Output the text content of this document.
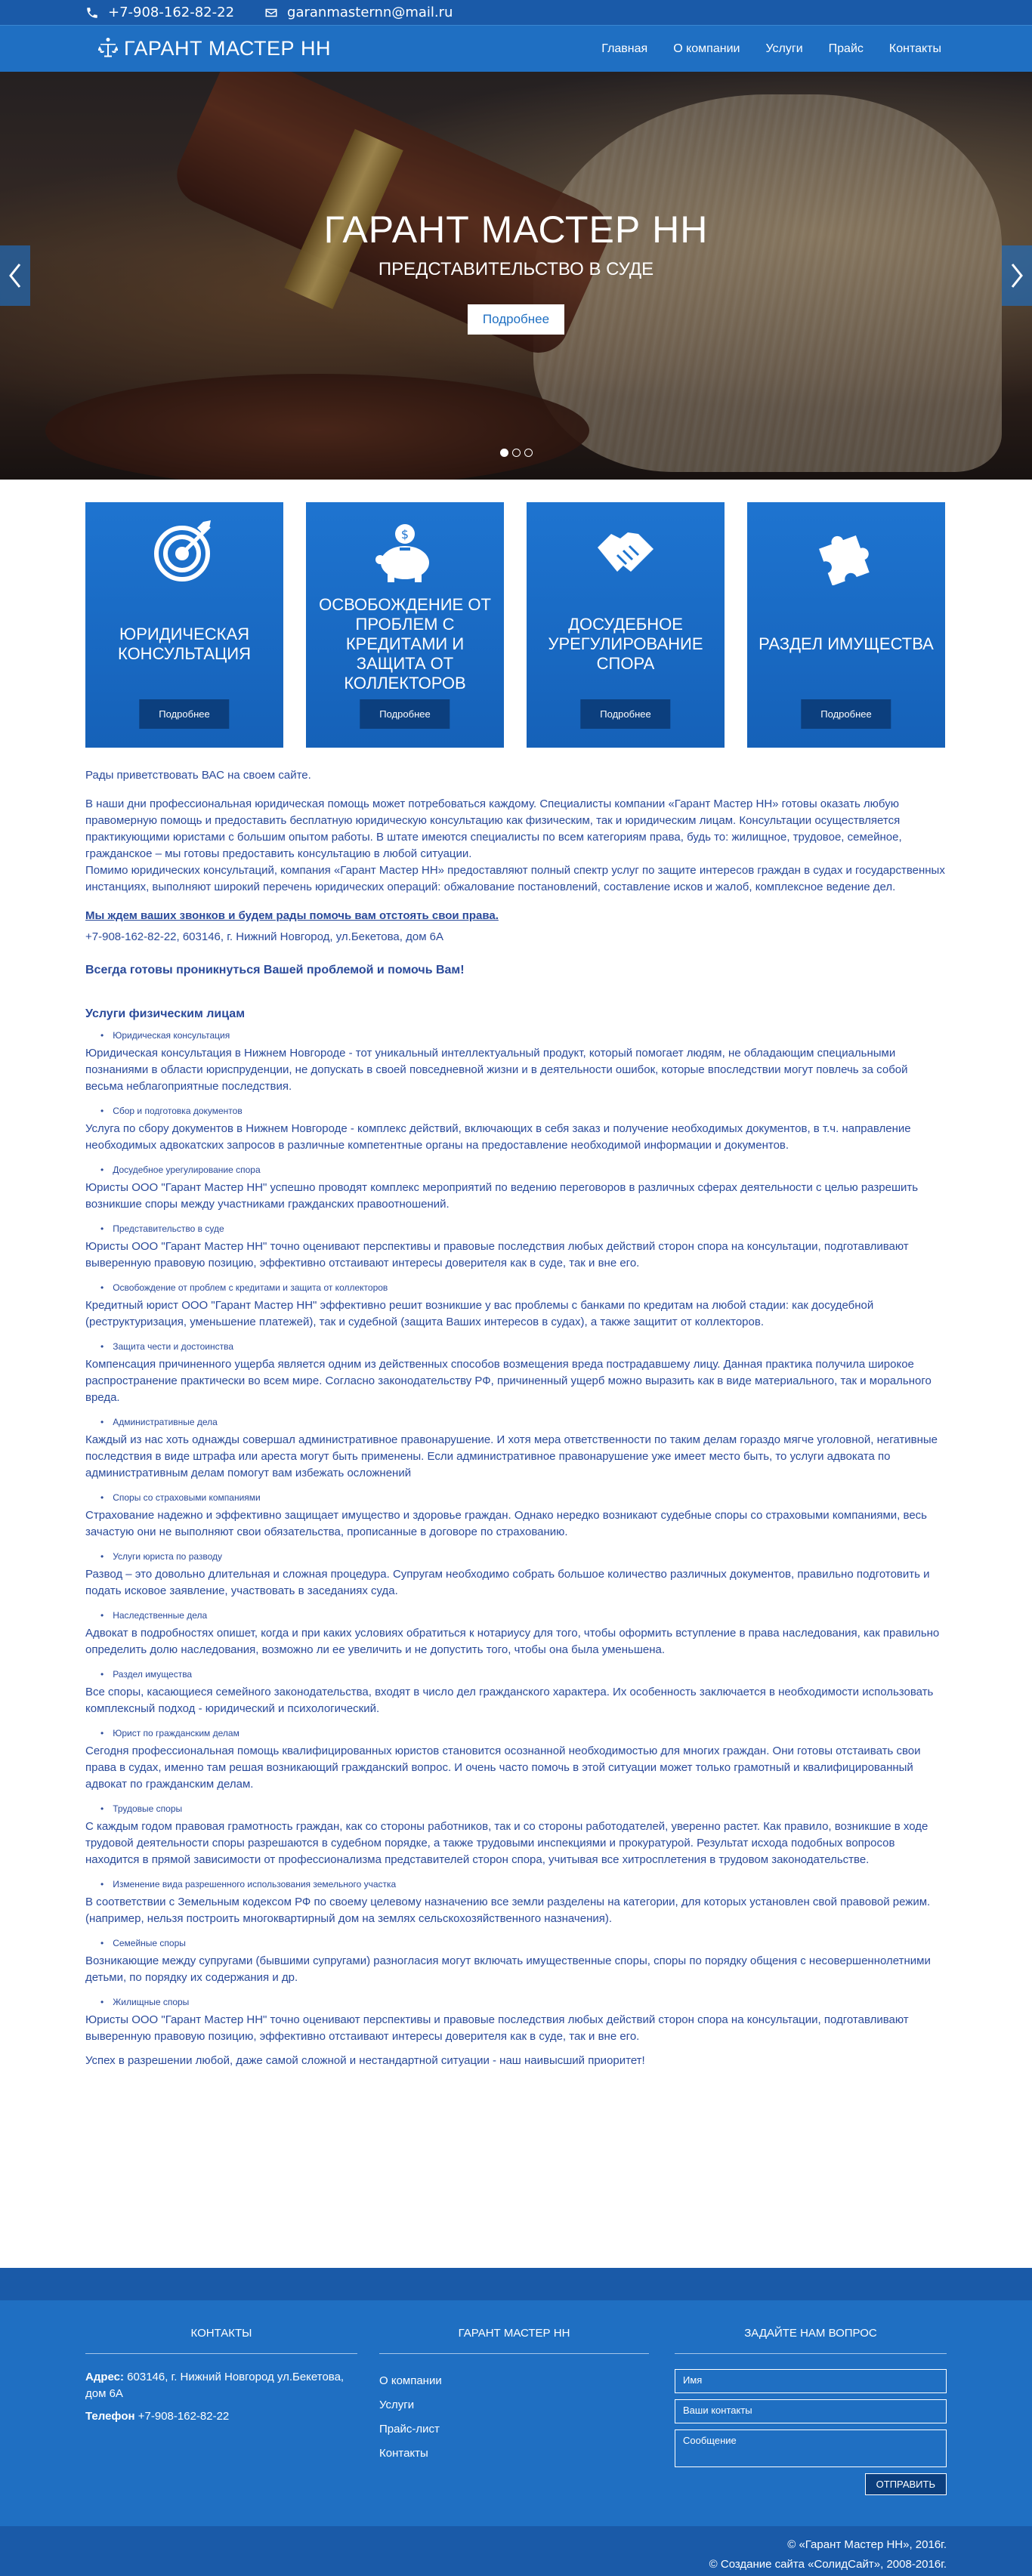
+7-908-162-82-22	garanmasternn@mail.ru
ГАРАНТ МАСТЕР НН	Главная О компании Услуги Прайс Контакты
ГАРАНТ МАСТЕР НН
ПРЕДСТАВИТЕЛЬСТВО В СУДЕ
Подробнее
ЮРИДИЧЕСКАЯ КОНСУЛЬТАЦИЯ
Подробнее
$
ОСВОБОЖДЕНИЕ ОТ ПРОБЛЕМ С КРЕДИТАМИ И ЗАЩИТА ОТ КОЛЛЕКТОРОВ
Подробнее
ДОСУДЕБНОЕ УРЕГУЛИРОВАНИЕ СПОРА
Подробнее
РАЗДЕЛ ИМУЩЕСТВА
Подробнее

Рады приветствовать ВАС на своем сайте.

В наши дни профессиональная юридическая помощь может потребоваться каждому. Специалисты компании «Гарант Мастер НН» готовы оказать любую правомерную помощь и предоставить бесплатную юридическую консультацию как физическим, так и юридическим лицам. Консультации осуществляется практикующими юристами с большим опытом работы. В штате имеются специалисты по всем категориям права, будь то: жилищное, трудовое, семейное, гражданское – мы готовы предоставить консультацию в любой ситуации.

Помимо юридических консультаций, компания «Гарант Мастер НН» предоставляют полный спектр услуг по защите интересов граждан в судах и государственных инстанциях, выполняют широкий перечень юридических операций: обжалование постановлений, составление исков и жалоб, комплексное ведение дел.

Мы ждем ваших звонков и будем рады помочь вам отстоять свои права.

+7-908-162-82-22, 603146, г. Нижний Новгород, ул.Бекетова, дом 6А

Всегда готовы проникнуться Вашей проблемой и помочь Вам!

Услуги физическим лицам
• Юридическая консультация
Юридическая консультация в Нижнем Новгороде - тот уникальный интеллектуальный продукт, который помогает людям, не обладающим специальными познаниями в области юриспруденции, не допускать в своей повседневной жизни и в деятельности ошибок, которые впоследствии могут повлечь за собой весьма неблагоприятные последствия.
• Сбор и подготовка документов
Услуга по сбору документов в Нижнем Новгороде - комплекс действий, включающих в себя заказ и получение необходимых документов, в т.ч. направление необходимых адвокатских запросов в различные компетентные органы на предоставление необходимой информации и документов.
• Досудебное урегулирование спора
Юристы ООО "Гарант Мастер НН" успешно проводят комплекс мероприятий по ведению переговоров в различных сферах деятельности с целью разрешить возникшие споры между участниками гражданских правоотношений.
• Представительство в суде
Юристы ООО "Гарант Мастер НН" точно оценивают перспективы и правовые последствия любых действий сторон спора на консультации, подготавливают выверенную правовую позицию, эффективно отстаивают интересы доверителя как в суде, так и вне его.
• Освобождение от проблем с кредитами и защита от коллекторов
Кредитный юрист ООО "Гарант Мастер НН" эффективно решит возникшие у вас проблемы с банками по кредитам на любой стадии: как досудебной (реструктуризация, уменьшение платежей), так и судебной (защита Ваших интересов в судах), а также защитит от коллекторов.
• Защита чести и достоинства
Компенсация причиненного ущерба является одним из действенных способов возмещения вреда пострадавшему лицу. Данная практика получила широкое распространение практически во всем мире. Согласно законодательству РФ, причиненный ущерб можно выразить как в виде материального, так и морального вреда.
• Административные дела
Каждый из нас хоть однажды совершал административное правонарушение. И хотя мера ответственности по таким делам гораздо мягче уголовной, негативные последствия в виде штрафа или ареста могут быть применены. Если административное правонарушение уже имеет место быть, то услуги адвоката по административным делам помогут вам избежать осложнений
• Споры со страховыми компаниями
Страхование надежно и эффективно защищает имущество и здоровье граждан. Однако нередко возникают судебные споры со страховыми компаниями, весь зачастую они не выполняют свои обязательства, прописанные в договоре по страхованию.
• Услуги юриста по разводу
Развод – это довольно длительная и сложная процедура. Супругам необходимо собрать большое количество различных документов, правильно подготовить и подать исковое заявление, участвовать в заседаниях суда.
• Наследственные дела
Адвокат в подробностях опишет, когда и при каких условиях обратиться к нотариусу для того, чтобы оформить вступление в права наследования, как правильно определить долю наследования, возможно ли ее увеличить и не допустить того, чтобы она была уменьшена.
• Раздел имущества
Все споры, касающиеся семейного законодательства, входят в число дел гражданского характера. Их особенность заключается в необходимости использовать комплексный подход - юридический и психологический.
• Юрист по гражданским делам
Сегодня профессиональная помощь квалифицированных юристов становится осознанной необходимостью для многих граждан. Они готовы отстаивать свои права в судах, именно там решая возникающий гражданский вопрос. И очень часто помочь в этой ситуации может только грамотный и квалифицированный адвокат по гражданским делам.
• Трудовые споры
С каждым годом правовая грамотность граждан, как со стороны работников, так и со стороны работодателей, уверенно растет. Как правило, возникшие в ходе трудовой деятельности споры разрешаются в судебном порядке, а также трудовыми инспекциями и прокуратурой. Результат исхода подобных вопросов находится в прямой зависимости от профессионализма представителей сторон спора, учитывая все хитросплетения в трудовом законодательстве.
• Изменение вида разрешенного использования земельного участка
В соответствии с Земельным кодексом РФ по своему целевому назначению все земли разделены на категории, для которых установлен свой правовой режим. (например, нельзя построить многоквартирный дом на землях сельскохозяйственного назначения).
• Семейные споры
Возникающие между супругами (бывшими супругами) разногласия могут включать имущественные споры, споры по порядку общения с несовершеннолетними детьми, по порядку их содержания и др.
• Жилищные споры
Юристы ООО "Гарант Мастер НН" точно оценивают перспективы и правовые последствия любых действий сторон спора на консультации, подготавливают выверенную правовую позицию, эффективно отстаивают интересы доверителя как в суде, так и вне его.

Успех в разрешении любой, даже самой сложной и нестандартной ситуации - наш наивысший приоритет!

КОНТАКТЫ

Адрес: 603146, г. Нижний Новгород ул.Бекетова, дом 6А

Телефон +7-908-162-82-22

ГАРАНТ МАСТЕР НН
О компании
Услуги
Прайс-лист
Контакты
ЗАДАЙТЕ НАМ ВОПРОС
Имя
Ваши контакты
Сообщение
ОТПРАВИТЬ
© «Гарант Мастер НН», 2016г.
© Создание сайта «СолидСайт», 2008-2016г.
